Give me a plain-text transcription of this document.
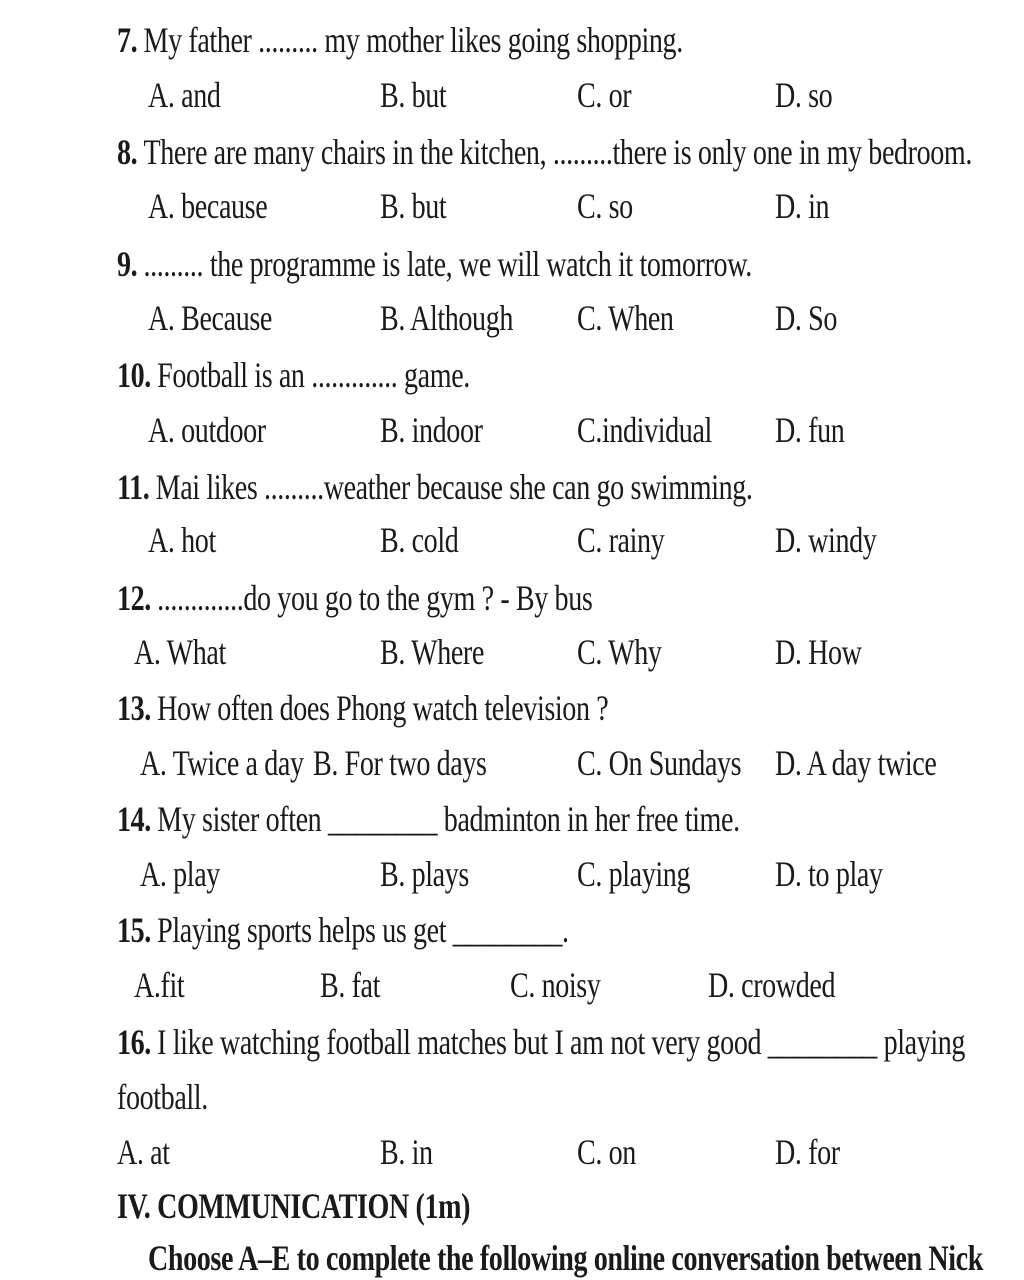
7. My father ......... my mother likes going shopping.
A. and	B. but	C. or	D. so
8. There are many chairs in the kitchen, .........there is only one in my bedroom.
A. because	B. but	C. so	D. in
9. ......... the programme is late, we will watch it tomorrow.
A. Because	B. Although C. When	D. So
10. Football is an ............. game.
A. outdoor	B. indoor	C.individual D. fun
11. Mai likes .........weather because she can go swimming.
A. hot	B. cold	C. rainy	D. windy
12. .............do you go to the gym ? - By bus
A. What	B. Where	C. Why	D. How
13. How often does Phong watch television ?
A. Twice a day B. For two days	C. On Sundays D. A day twice
14. My sister often ________ badminton in her free time.
A. play	B. plays	C. playing D. to play
15. Playing sports helps us get ________.
A.fit	B. fat	C. noisy	D. crowded
16. I like watching football matches but I am not very good ________ playing
football.
A. at	B. in	C. on	D. for
IV. COMMUNICATION (1m)
Choose A–E to complete the following online conversation between Nick
